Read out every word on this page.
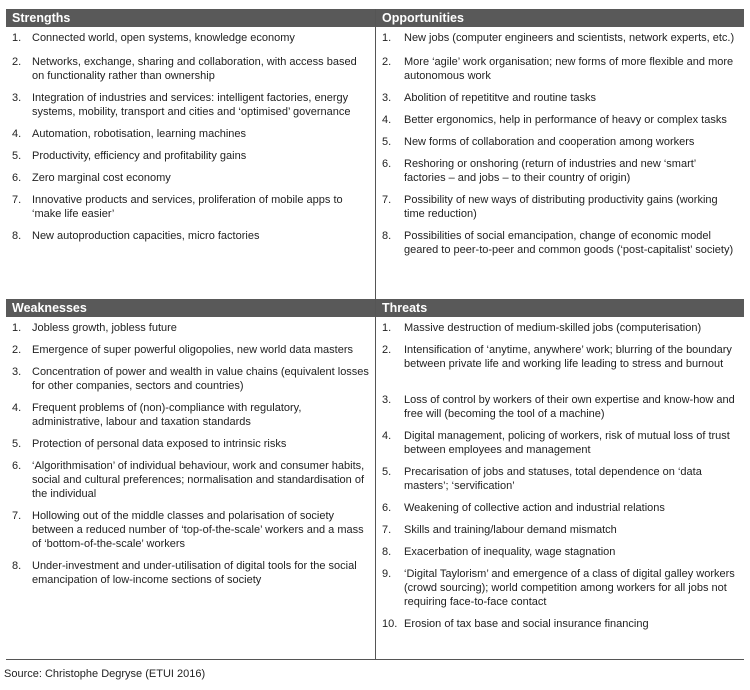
Strengths
1. Connected world, open systems, knowledge economy
2. Networks, exchange, sharing and collaboration, with access based on functionality rather than ownership
3. Integration of industries and services: intelligent factories, energy systems, mobility, transport and cities and ‘optimised’ governance
4. Automation, robotisation, learning machines
5. Productivity, efficiency and profitability gains
6. Zero marginal cost economy
7. Innovative products and services, proliferation of mobile apps to ‘make life easier’
8. New autoproduction capacities, micro factories
Opportunities
1.	New jobs (computer engineers and scientists, network experts, etc.)
2.	More ‘agile’ work organisation; new forms of more flexible and more autonomous work
3.	Abolition of repetititve and routine tasks
4.	Better ergonomics, help in performance of heavy or complex tasks
5.	New forms of collaboration and cooperation among workers
6.	Reshoring or onshoring (return of industries and new ‘smart’ factories – and jobs – to their country of origin)
7.	Possibility of new ways of distributing productivity gains (working time reduction)
8.	Possibilities of social emancipation, change of economic model geared to peer-to-peer and common goods (‘post-capitalist’ society)
Weaknesses
1. Jobless growth, jobless future
2. Emergence of super powerful oligopolies, new world data masters
3. Concentration of power and wealth in value chains (equivalent losses for other companies, sectors and countries)
4. Frequent problems of (non)-compliance with regulatory, administrative, labour and taxation standards
5. Protection of personal data exposed to intrinsic risks
6. ‘Algorithmisation’ of individual behaviour, work and consumer habits, social and cultural preferences; normalisation and standardisation of the individual
7. Hollowing out of the middle classes and polarisation of society between a reduced number of ‘top-of-the-scale’ workers and a mass of ‘bottom-of-the-scale’ workers
8. Under-investment and under-utilisation of digital tools for the social emancipation of low-income sections of society
Threats
1.	Massive destruction of medium-skilled jobs (computerisation)
2.	Intensification of ‘anytime, anywhere’ work; blurring of the boundary between private life and working life leading to stress and burnout
3.	Loss of control by workers of their own expertise and know-how and free will (becoming the tool of a machine)
4.	Digital management, policing of workers, risk of mutual loss of trust between employees and management
5.	Precarisation of jobs and statuses, total dependence on ‘data masters’; ‘servification’
6.	Weakening of collective action and industrial relations
7.	Skills and training/labour demand mismatch
8.	Exacerbation of inequality, wage stagnation
9.	‘Digital Taylorism’ and emergence of a class of digital galley workers (crowd sourcing); world competition among workers for all jobs not requiring face-to-face contact
10. Erosion of tax base and social insurance financing
Source: Christophe Degryse (ETUI 2016)
